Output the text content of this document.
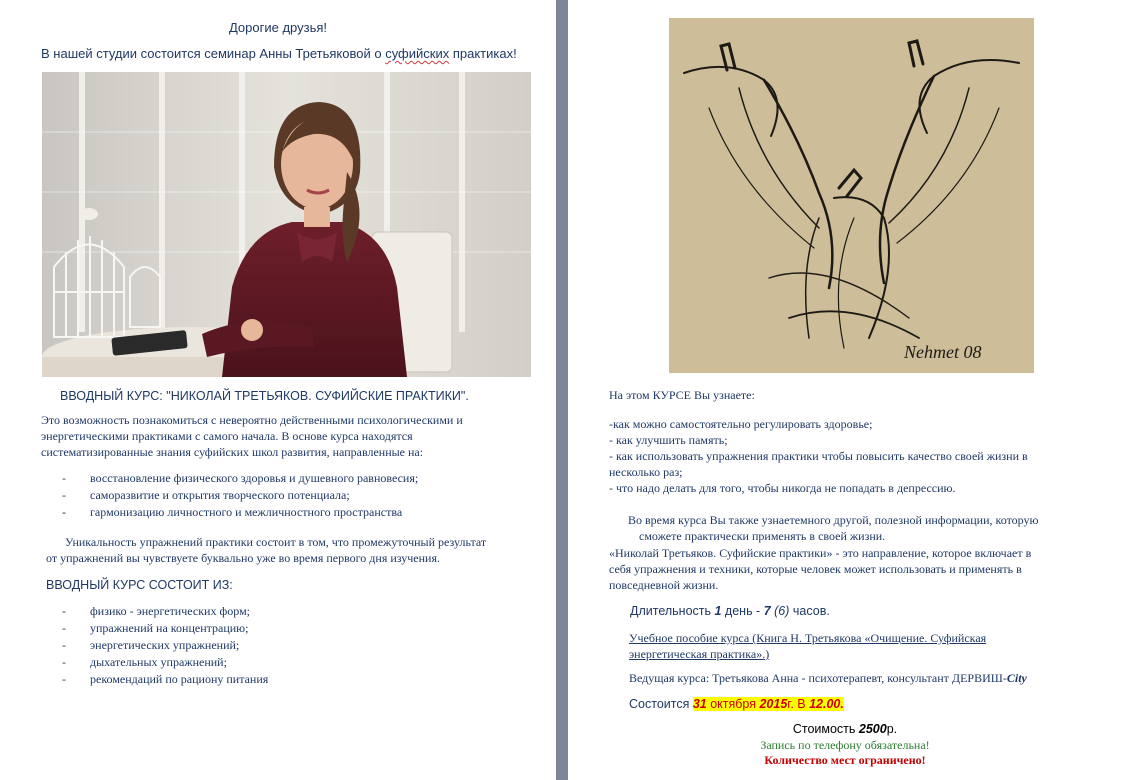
Дорогие друзья!
В нашей студии состоится семинар Анны Третьяковой о суфийских практиках!
ВВОДНЫЙ КУРС: "НИКОЛАЙ ТРЕТЬЯКОВ. СУФИЙСКИЕ ПРАКТИКИ".
Это возможность познакомиться с невероятно действенными психологическими и
энергетическими практиками с самого начала. В основе курса находятся
систематизированные знания суфийских школ развития, направленные на:
- восстановление физического здоровья и душевного равновесия;
- саморазвитие и открытия творческого потенциала;
- гармонизацию личностного и межличностного пространства
Уникальность упражнений практики состоит в том, что промежуточный результат
от упражнений вы чувствуете буквально уже во время первого дня изучения.
ВВОДНЫЙ КУРС СОСТОИТ ИЗ:
- физико - энергетических форм;
- упражнений на концентрацию;
- энергетических упражнений;
- дыхательных упражнений;
- рекомендаций по рациону питания
Nehmet 08
На этом КУРСЕ Вы узнаете:
-как можно самостоятельно регулировать здоровье;
- как улучшить память;
- как использовать упражнения практики чтобы повысить качество своей жизни в
несколько раз;
- что надо делать для того, чтобы никогда не попадать в депрессию.
Во время курса Вы также узнаетемного другой, полезной информации, которую
сможете практически применять в своей жизни.
«Николай Третьяков. Суфийские практики» - это направление, которое включает в
себя упражнения и техники, которые человек может использовать и применять в
повседневной жизни.
Длительность 1 день - 7 (6) часов.
Учебное пособие курса (Книга Н. Третьякова «Очищение. Суфийская
энергетическая практика».)
Ведущая курса: Третьякова Анна - психотерапевт, консультант ДЕРВИШ-City
Состоится 31 октября 2015г. В 12.00.
Стоимость 2500р.
Запись по телефону обязательна!
Количество мест ограничено!
